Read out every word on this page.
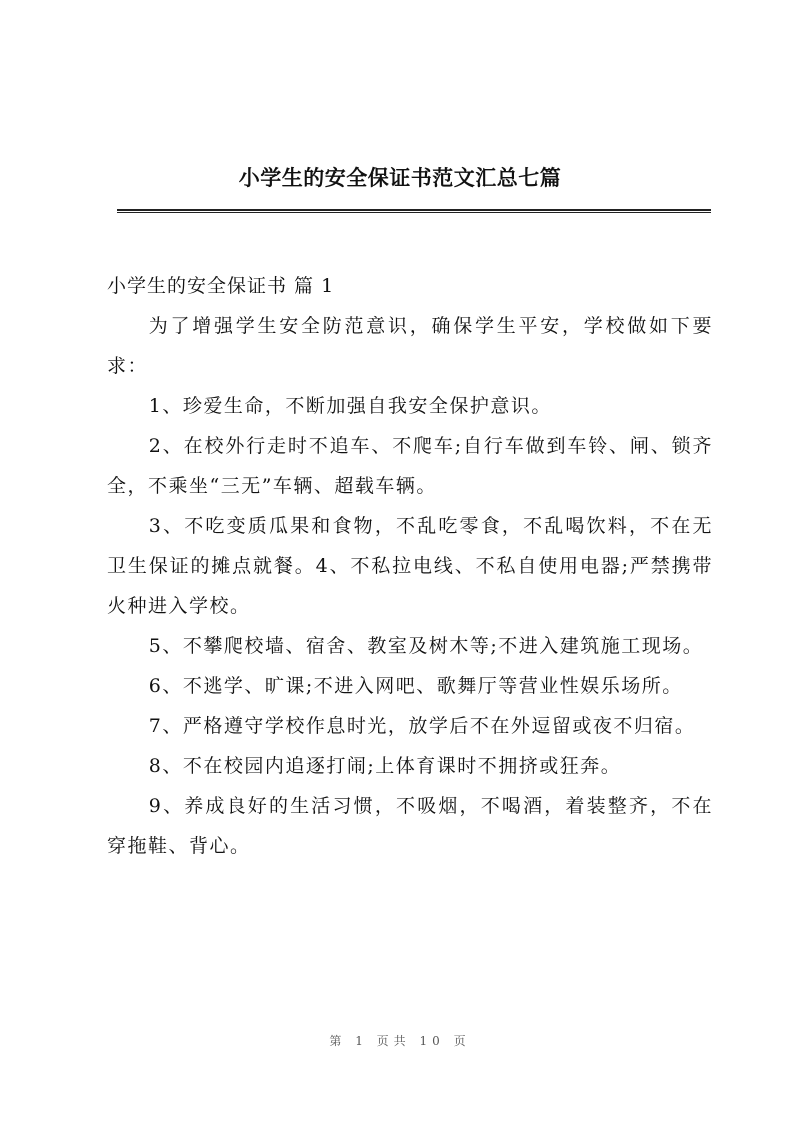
小学生的安全保证书范文汇总七篇

小学生的安全保证书 篇 1

为了增强学生安全防范意识，确保学生平安，学校做如下要求：

1、珍爱生命，不断加强自我安全保护意识。

2、在校外行走时不追车、不爬车;自行车做到车铃、闸、锁齐全，不乘坐“三无”车辆、超载车辆。

3、不吃变质瓜果和食物，不乱吃零食，不乱喝饮料，不在无卫生保证的摊点就餐。4、不私拉电线、不私自使用电器;严禁携带火种进入学校。

5、不攀爬校墙、宿舍、教室及树木等;不进入建筑施工现场。

6、不逃学、旷课;不进入网吧、歌舞厅等营业性娱乐场所。

7、严格遵守学校作息时光，放学后不在外逗留或夜不归宿。

8、不在校园内追逐打闹;上体育课时不拥挤或狂奔。

9、养成良好的生活习惯，不吸烟，不喝酒，着装整齐，不在穿拖鞋、背心。

第 1 页共 10 页
